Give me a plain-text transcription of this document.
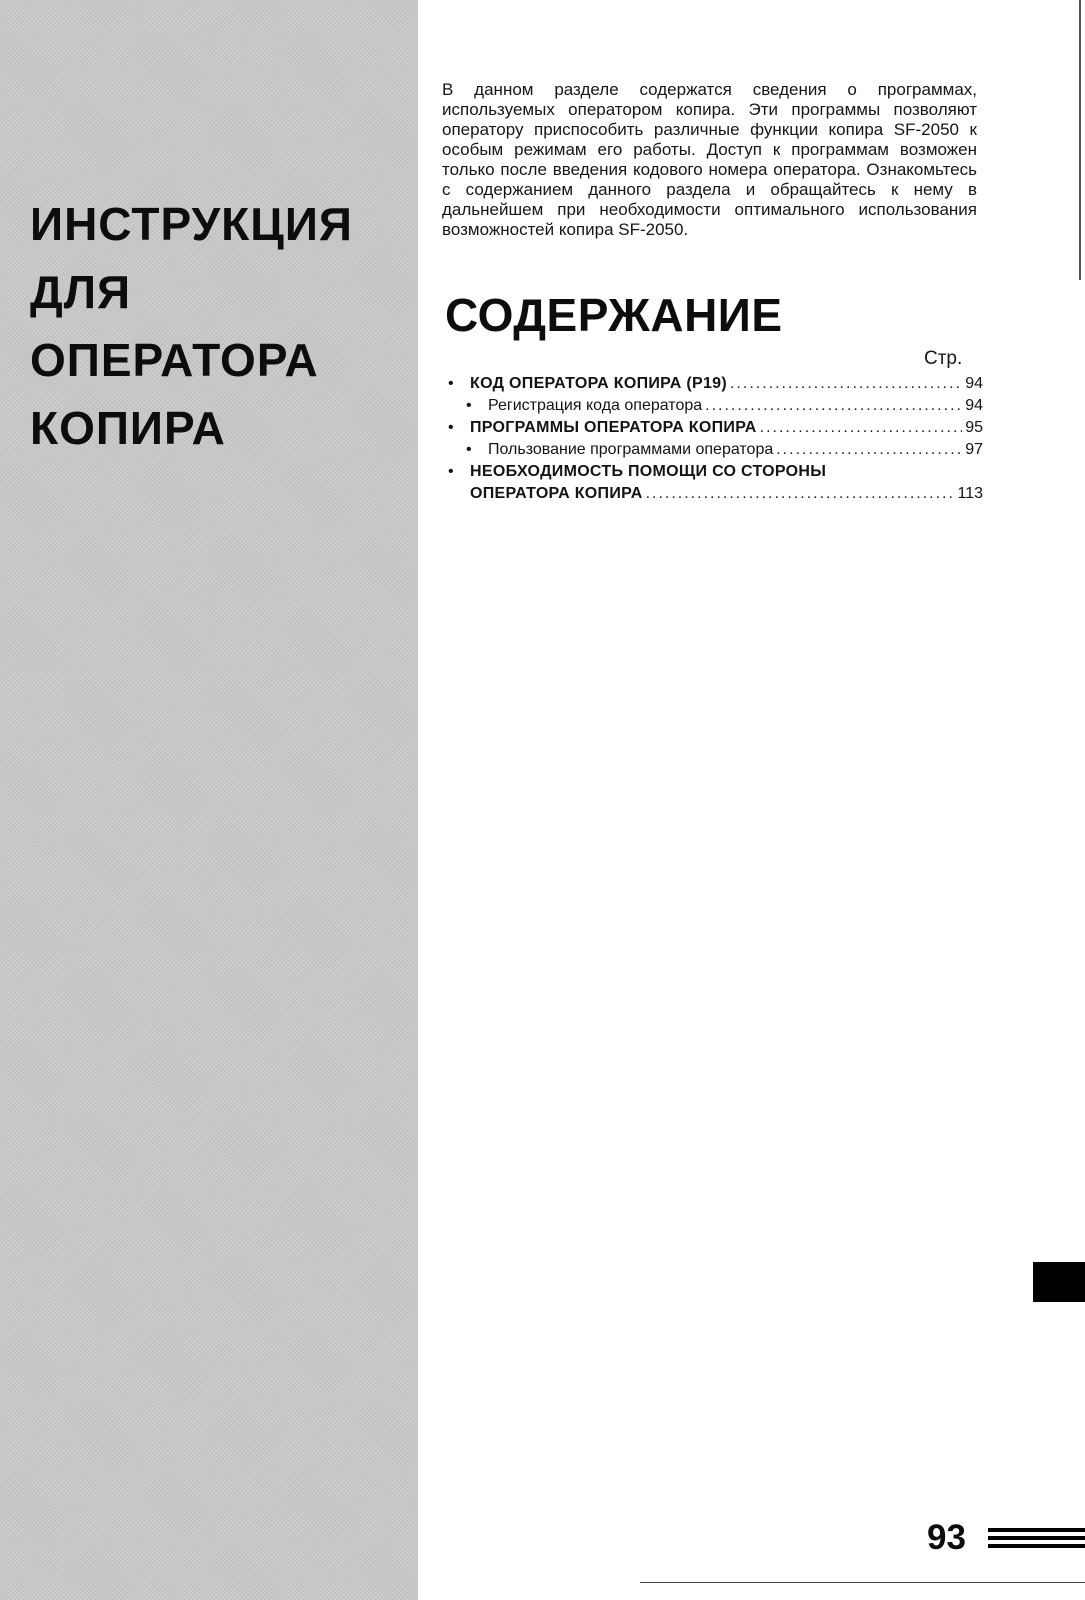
ИНСТРУКЦИЯ
ДЛЯ
ОПЕРАТОРА
КОПИРА

В данном разделе содержатся сведения о программах, используемых оператором копира. Эти программы позволяют оператору приспособить различные функции копира SF-2050 к особым режимам его работы. Доступ к программам возможен только после введения кодового номера оператора. Ознакомьтесь с содержанием данного раздела и обращайтесь к нему в дальнейшем при необходимости оптимального использования возможностей копира SF-2050.

СОДЕРЖАНИЕ
Стр.
•	КОД ОПЕРАТОРА КОПИРА (P19) .....	94
•	Регистрация кода оператора .....	94
•	ПРОГРАММЫ ОПЕРАТОРА КОПИРА .....	95
•	Пользование программами оператора .....	97
•	НЕОБХОДИМОСТЬ ПОМОЩИ СО СТОРОНЫ
ОПЕРАТОРА КОПИРА .....	113
93
